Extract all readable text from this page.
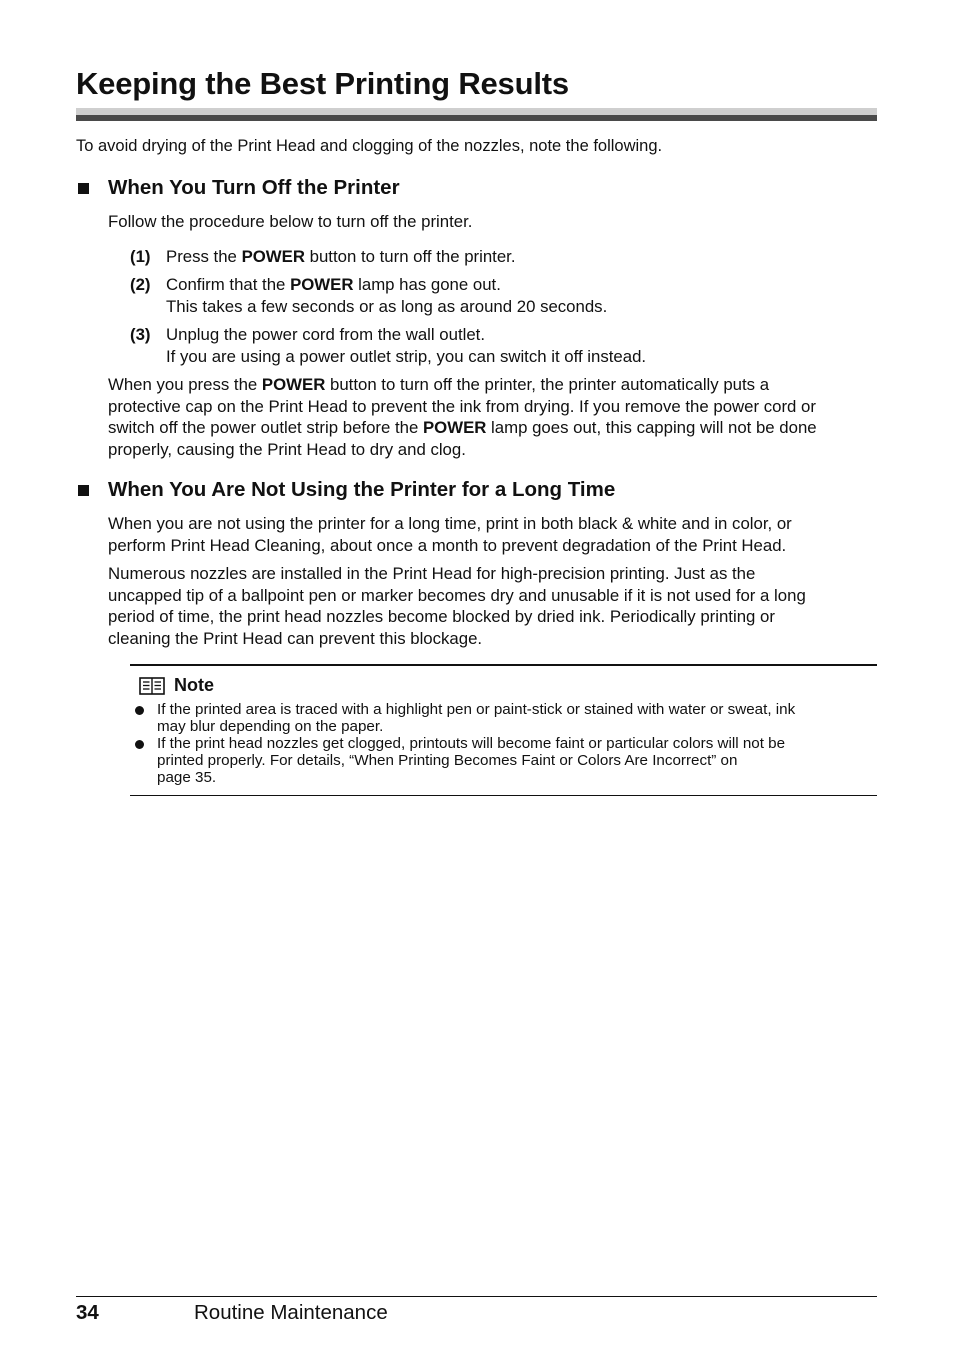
Keeping the Best Printing Results
To avoid drying of the Print Head and clogging of the nozzles, note the following.
When You Turn Off the Printer
Follow the procedure below to turn off the printer.
(1) Press the POWER button to turn off the printer.
(2) Confirm that the POWER lamp has gone out.
This takes a few seconds or as long as around 20 seconds.
(3) Unplug the power cord from the wall outlet.
If you are using a power outlet strip, you can switch it off instead.
When you press the POWER button to turn off the printer, the printer automatically puts a
protective cap on the Print Head to prevent the ink from drying. If you remove the power cord or
switch off the power outlet strip before the POWER lamp goes out, this capping will not be done
properly, causing the Print Head to dry and clog.
When You Are Not Using the Printer for a Long Time
When you are not using the printer for a long time, print in both black & white and in color, or
perform Print Head Cleaning, about once a month to prevent degradation of the Print Head.
Numerous nozzles are installed in the Print Head for high-precision printing. Just as the
uncapped tip of a ballpoint pen or marker becomes dry and unusable if it is not used for a long
period of time, the print head nozzles become blocked by dried ink. Periodically printing or
cleaning the Print Head can prevent this blockage.
Note
If the printed area is traced with a highlight pen or paint-stick or stained with water or sweat, ink
may blur depending on the paper.
If the print head nozzles get clogged, printouts will become faint or particular colors will not be
printed properly. For details, “When Printing Becomes Faint or Colors Are Incorrect” on
page 35.
34	Routine Maintenance
